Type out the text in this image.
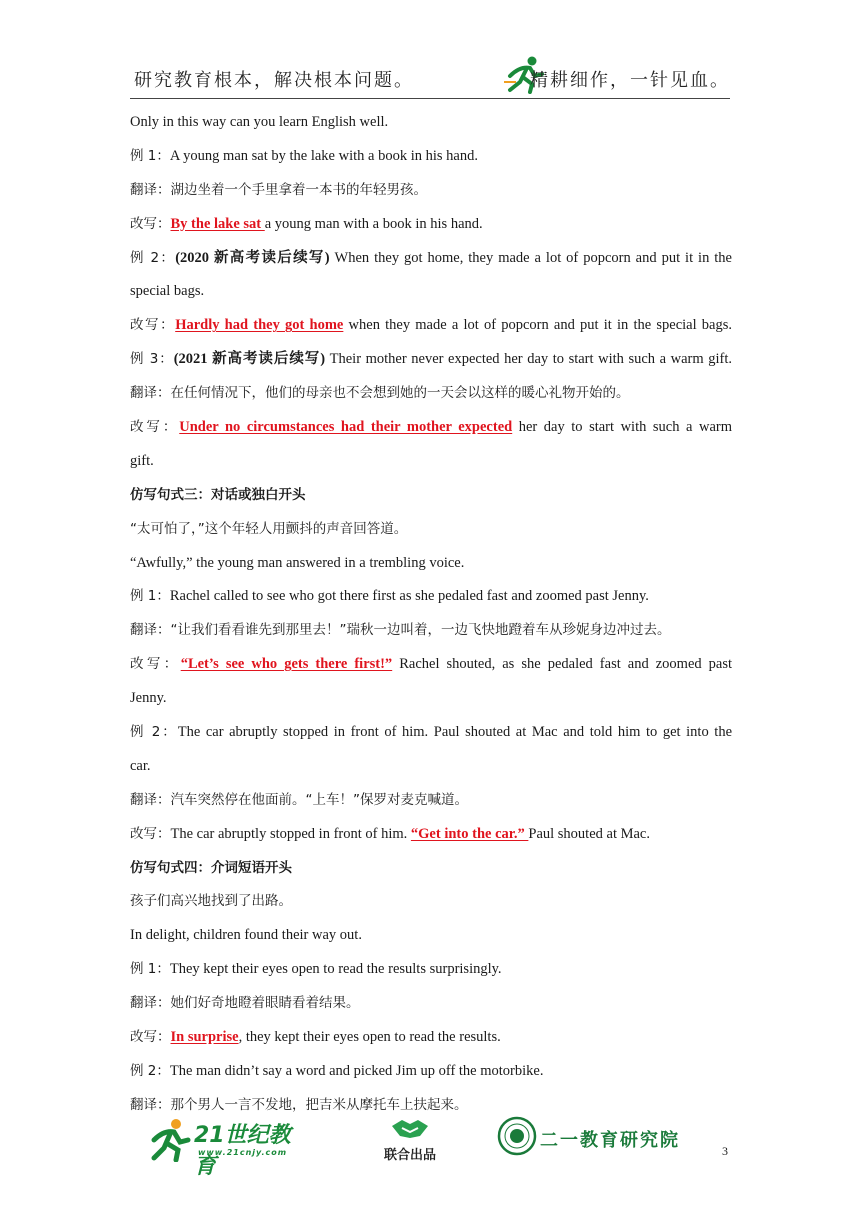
研究教育根本，解决根本问题。	精耕细作，一针见血。
Only in this way can you learn English well.
例 1：A young man sat by the lake with a book in his hand.
翻译：湖边坐着一个手里拿着一本书的年轻男孩。
改写：By the lake sat a young man with a book in his hand.
例 2：(2020 新高考读后续写) When they got home, they made a lot of popcorn and put it in the
special bags.
改写：Hardly had they got home when they made a lot of popcorn and put it in the special bags.
例 3：(2021 新高考读后续写) Their mother never expected her day to start with such a warm gift.
翻译：在任何情况下，他们的母亲也不会想到她的一天会以这样的暖心礼物开始的。
改写：Under no circumstances had their mother expected her day to start with such a warm
gift.
仿写句式三：对话或独白开头
“太可怕了，”这个年轻人用颤抖的声音回答道。
“Awfully,” the young man answered in a trembling voice.
例 1：Rachel called to see who got there first as she pedaled fast and zoomed past Jenny.
翻译：“让我们看看谁先到那里去！”瑞秋一边叫着，一边飞快地蹬着车从珍妮身边冲过去。
改写：“Let’s see who gets there first!” Rachel shouted, as she pedaled fast and zoomed past
Jenny.
例 2：The car abruptly stopped in front of him. Paul shouted at Mac and told him to get into the
car.
翻译：汽车突然停在他面前。“上车！”保罗对麦克喊道。
改写：The car abruptly stopped in front of him. “Get into the car.” Paul shouted at Mac.
仿写句式四：介词短语开头
孩子们高兴地找到了出路。
In delight, children found their way out.
例 1：They kept their eyes open to read the results surprisingly.
翻译：她们好奇地瞪着眼睛看着结果。
改写：In surprise, they kept their eyes open to read the results.
例 2：The man didn’t say a word and picked Jim up off the motorbike.
翻译：那个男人一言不发地，把吉米从摩托车上扶起来。
21世纪教育
www.21cnjy.com	联合出品
二一教育研究院	3
